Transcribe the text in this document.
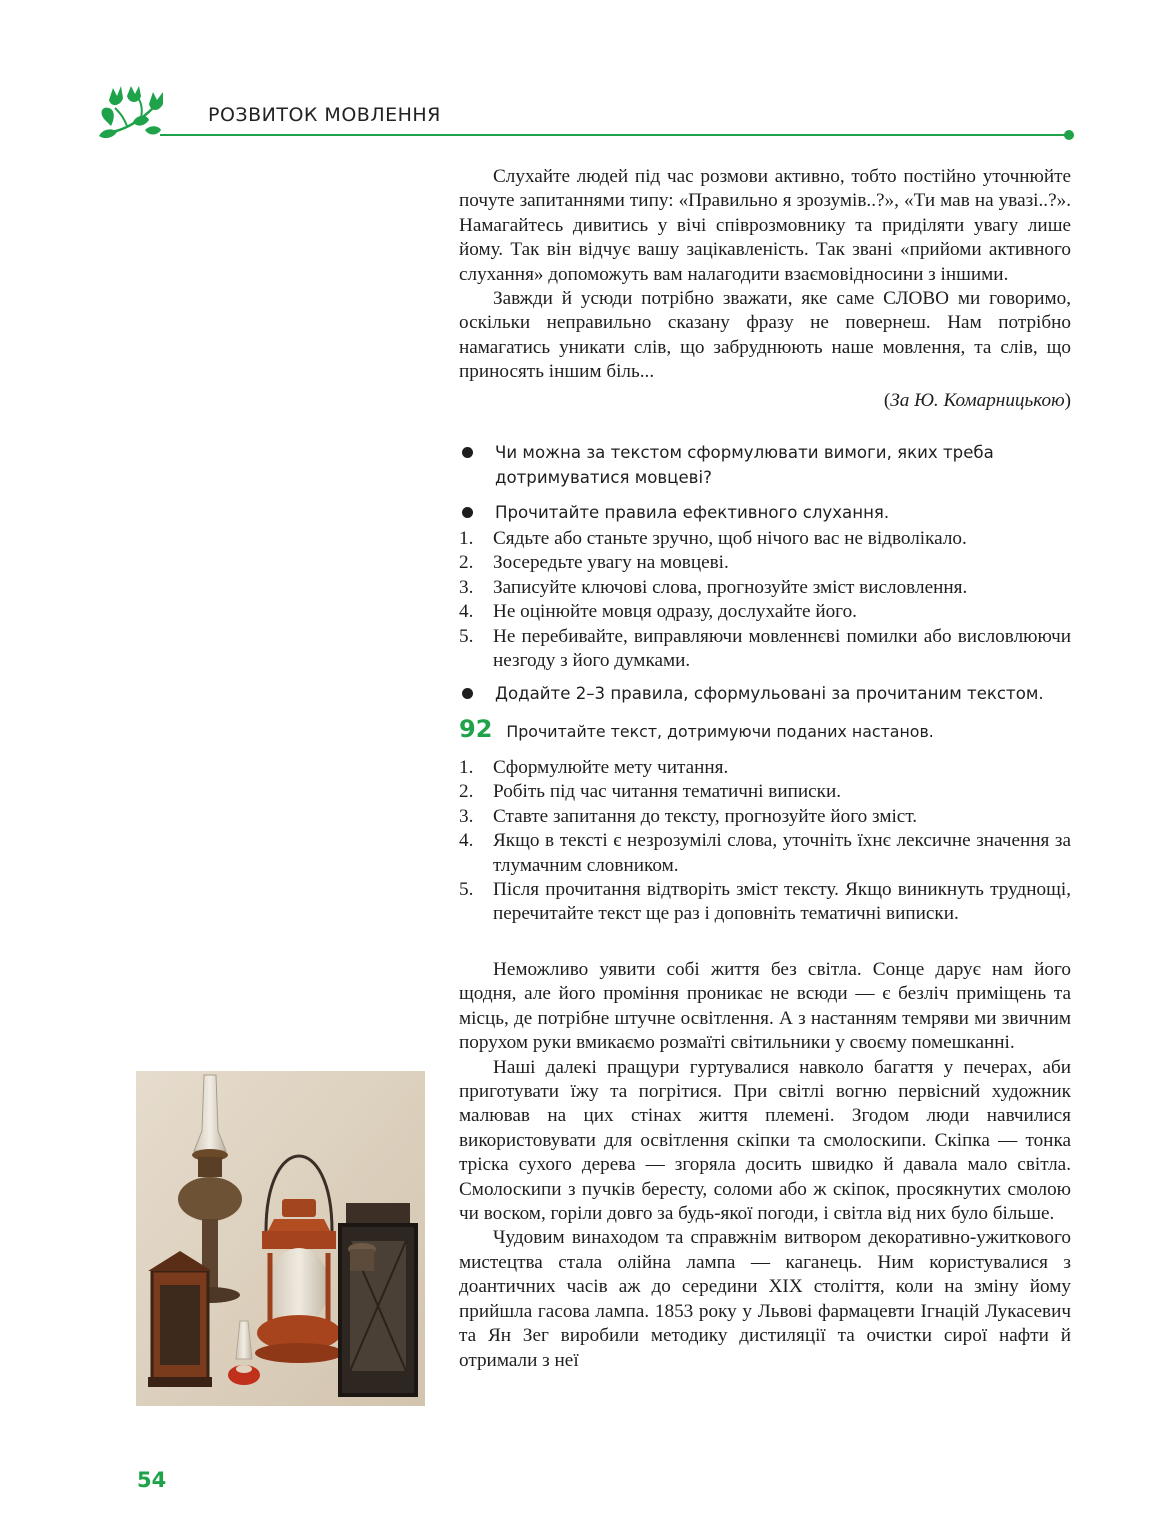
РОЗВИТОК МОВЛЕННЯ

Слухайте людей під час розмови активно, тобто постійно уточнюйте почуте запитаннями типу: «Правильно я зрозумів..?», «Ти мав на увазі..?». Намагайтесь дивитись у вічі співрозмовнику та приділяти увагу лише йому. Так він відчує вашу зацікавленість. Так звані «прийоми активного слухання» допоможуть вам налагодити взаємовідносини з іншими.

Завжди й усюди потрібно зважати, яке саме СЛОВО ми говоримо, оскільки неправильно сказану фразу не повернеш. Нам потрібно намагатись уникати слів, що забруднюють наше мовлення, та слів, що приносять іншим біль...

(За Ю. Комарницькою)

Чи можна за текстом сформулювати вимоги, яких треба дотримуватися мовцеві?
Прочитайте правила ефективного слухання.
1. Сядьте або станьте зручно, щоб нічого вас не відволікало.
2. Зосередьте увагу на мовцеві.
3. Записуйте ключові слова, прогнозуйте зміст висловлення.
4. Не оцінюйте мовця одразу, дослухайте його.
5. Не перебивайте, виправляючи мовленнєві помилки або висловлюючи незгоду з його думками.
Додайте 2–3 правила, сформульовані за прочитаним текстом.
92 Прочитайте текст, дотримуючи поданих настанов.
1. Сформулюйте мету читання.
2. Робіть під час читання тематичні виписки.
3. Ставте запитання до тексту, прогнозуйте його зміст.
4. Якщо в тексті є незрозумілі слова, уточніть їхнє лексичне значення за тлумачним словником.
5. Після прочитання відтворіть зміст тексту. Якщо виникнуть труднощі, перечитайте текст ще раз і доповніть тематичні виписки.

Неможливо уявити собі життя без світла. Сонце дарує нам його щодня, але його проміння проникає не всюди — є безліч приміщень та місць, де потрібне штучне освітлення. А з настанням темряви ми звичним порухом руки вмикаємо розмаїті світильники у своєму помешканні.

Наші далекі пращури гуртувалися навколо багаття у печерах, аби приготувати їжу та погрітися. При світлі вогню первісний художник малював на цих стінах життя племені. Згодом люди навчилися використовувати для освітлення скіпки та смолоскипи. Скіпка — тонка тріска сухого дерева — згоряла досить швидко й давала мало світла. Смолоскипи з пучків бересту, соломи або ж скіпок, просякнутих смолою чи воском, горіли довго за будь-якої погоди, і світла від них було більше.

Чудовим винаходом та справжнім витвором декоративно-ужиткового мистецтва стала олійна лампа — каганець. Ним користувалися з доантичних часів аж до середини XIX століття, коли на зміну йому прийшла гасова лампа. 1853 року у Львові фармацевти Ігнацій Лукасевич та Ян Зег виробили методику дистиляції та очистки сирої нафти й отримали з неї

54
